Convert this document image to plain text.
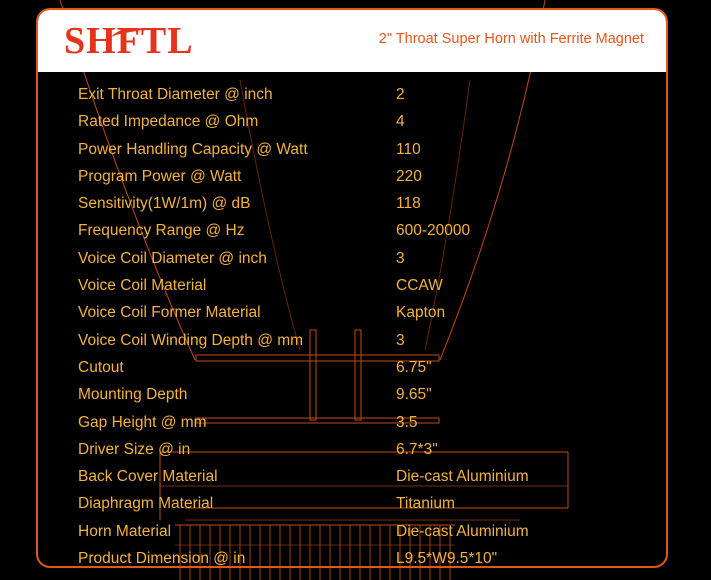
SHFTL	2" Throat Super Horn with Ferrite Magnet
Exit Throat Diameter @ inch	2
Rated Impedance @ Ohm	4
Power Handling Capacity @ Watt	110
Program Power @ Watt	220
Sensitivity(1W/1m) @ dB	118
Frequency Range @ Hz	600-20000
Voice Coil Diameter @ inch	3
Voice Coil Material	CCAW
Voice Coil Former Material	Kapton
Voice Coil Winding Depth @ mm	3
Cutout	6.75"
Mounting Depth	9.65"
Gap Height @ mm	3.5
Driver Size @ in	6.7*3"
Back Cover Material	Die-cast Aluminium
Diaphragm Material	Titanium
Horn Material	Die-cast Aluminium
Product Dimension @ in	L9.5*W9.5*10"
